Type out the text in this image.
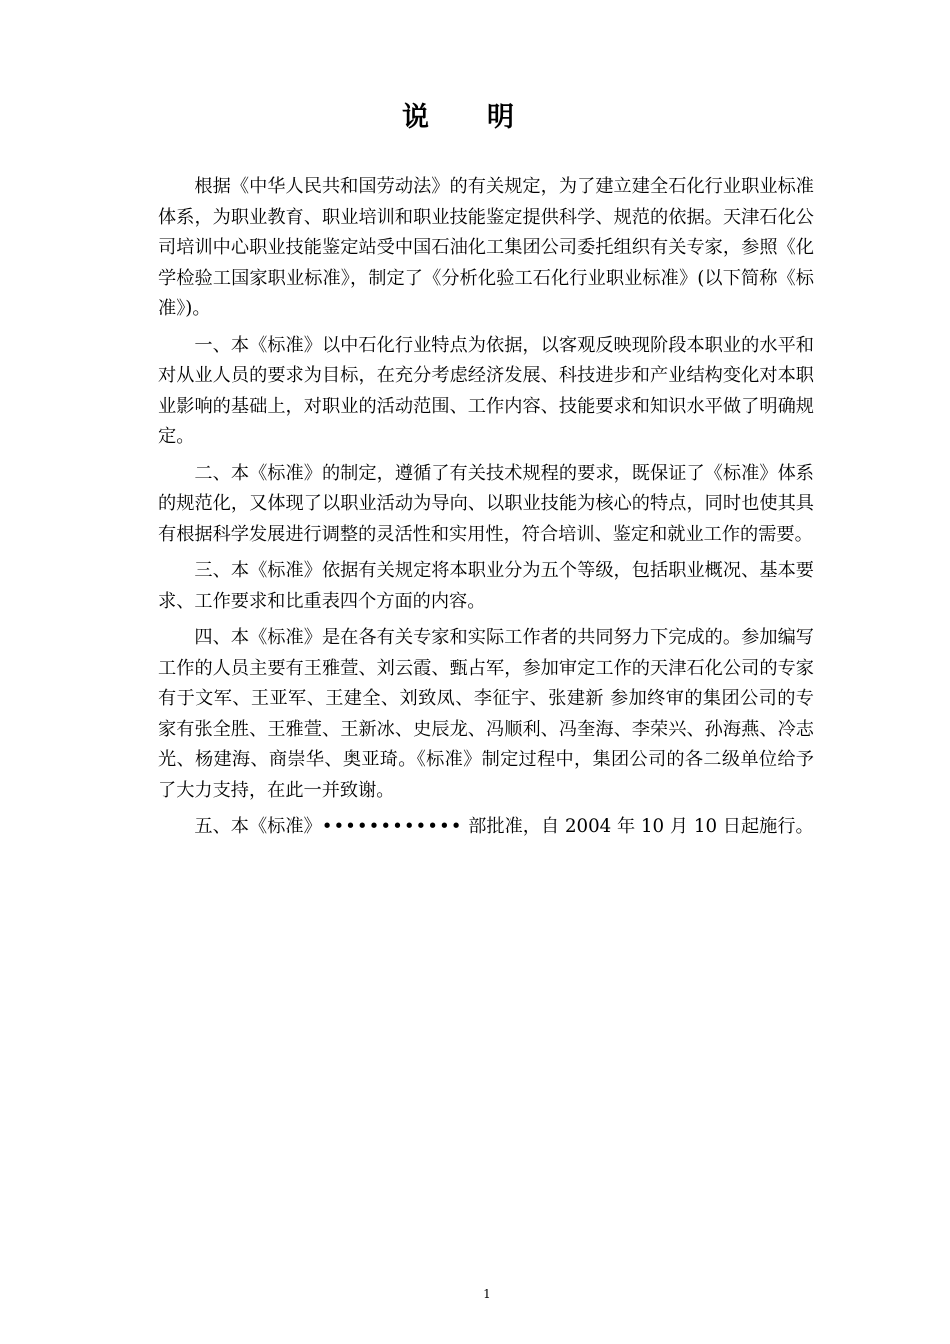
说明

根据《中华人民共和国劳动法》的有关规定，为了建立建全石化行业职业标准体系，为职业教育、职业培训和职业技能鉴定提供科学、规范的依据。天津石化公司培训中心职业技能鉴定站受中国石油化工集团公司委托组织有关专家，参照《化学检验工国家职业标准》，制定了《分析化验工石化行业职业标准》(以下简称《标准》)。

一、本《标准》以中石化行业特点为依据，以客观反映现阶段本职业的水平和对从业人员的要求为目标，在充分考虑经济发展、科技进步和产业结构变化对本职业影响的基础上，对职业的活动范围、工作内容、技能要求和知识水平做了明确规定。

二、本《标准》的制定，遵循了有关技术规程的要求，既保证了《标准》体系的规范化，又体现了以职业活动为导向、以职业技能为核心的特点，同时也使其具有根据科学发展进行调整的灵活性和实用性，符合培训、鉴定和就业工作的需要。

三、本《标准》依据有关规定将本职业分为五个等级，包括职业概况、基本要求、工作要求和比重表四个方面的内容。

四、本《标准》是在各有关专家和实际工作者的共同努力下完成的。参加编写工作的人员主要有王雅萱、刘云霞、甄占军，参加审定工作的天津石化公司的专家有于文军、王亚军、王建全、刘致凤、李征宇、张建新 参加终审的集团公司的专家有张全胜、王雅萱、王新冰、史辰龙、冯顺利、冯奎海、李荣兴、孙海燕、冷志光、杨建海、商崇华、奥亚琦。《标准》制定过程中，集团公司的各二级单位给予了大力支持，在此一并致谢。

五、本《标准》•••••••••••• 部批准，自 2004 年 10 月 10 日起施行。

1
